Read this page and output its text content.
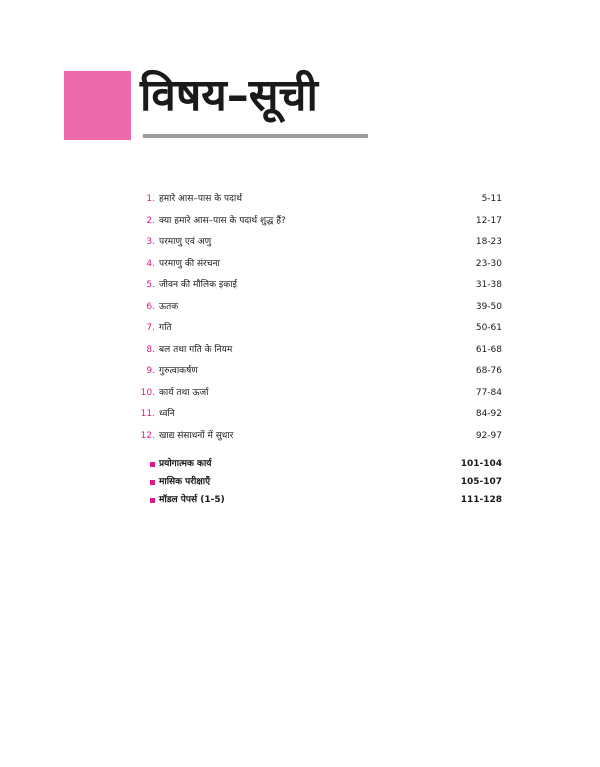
विषय–सूची
1. हमारे आस–पास के पदार्थ	5-11
2. क्या हमारे आस–पास के पदार्थ शुद्ध हैं?	12-17
3. परमाणु एवं अणु	18-23
4. परमाणु की संरचना	23-30
5. जीवन की मौलिक इकाई	31-38
6. ऊतक	39-50
7. गति	50-61
8. बल तथा गति के नियम	61-68
9. गुरुत्वाकर्षण	68-76
10. कार्य तथा ऊर्जा	77-84
11. ध्वनि	84-92
12. खाद्य संसाधनों में सुधार	92-97
प्रयोगात्मक कार्य	101-104
मासिक परीक्षाएँ	105-107
मॉडल पेपर्स (1-5)	111-128
